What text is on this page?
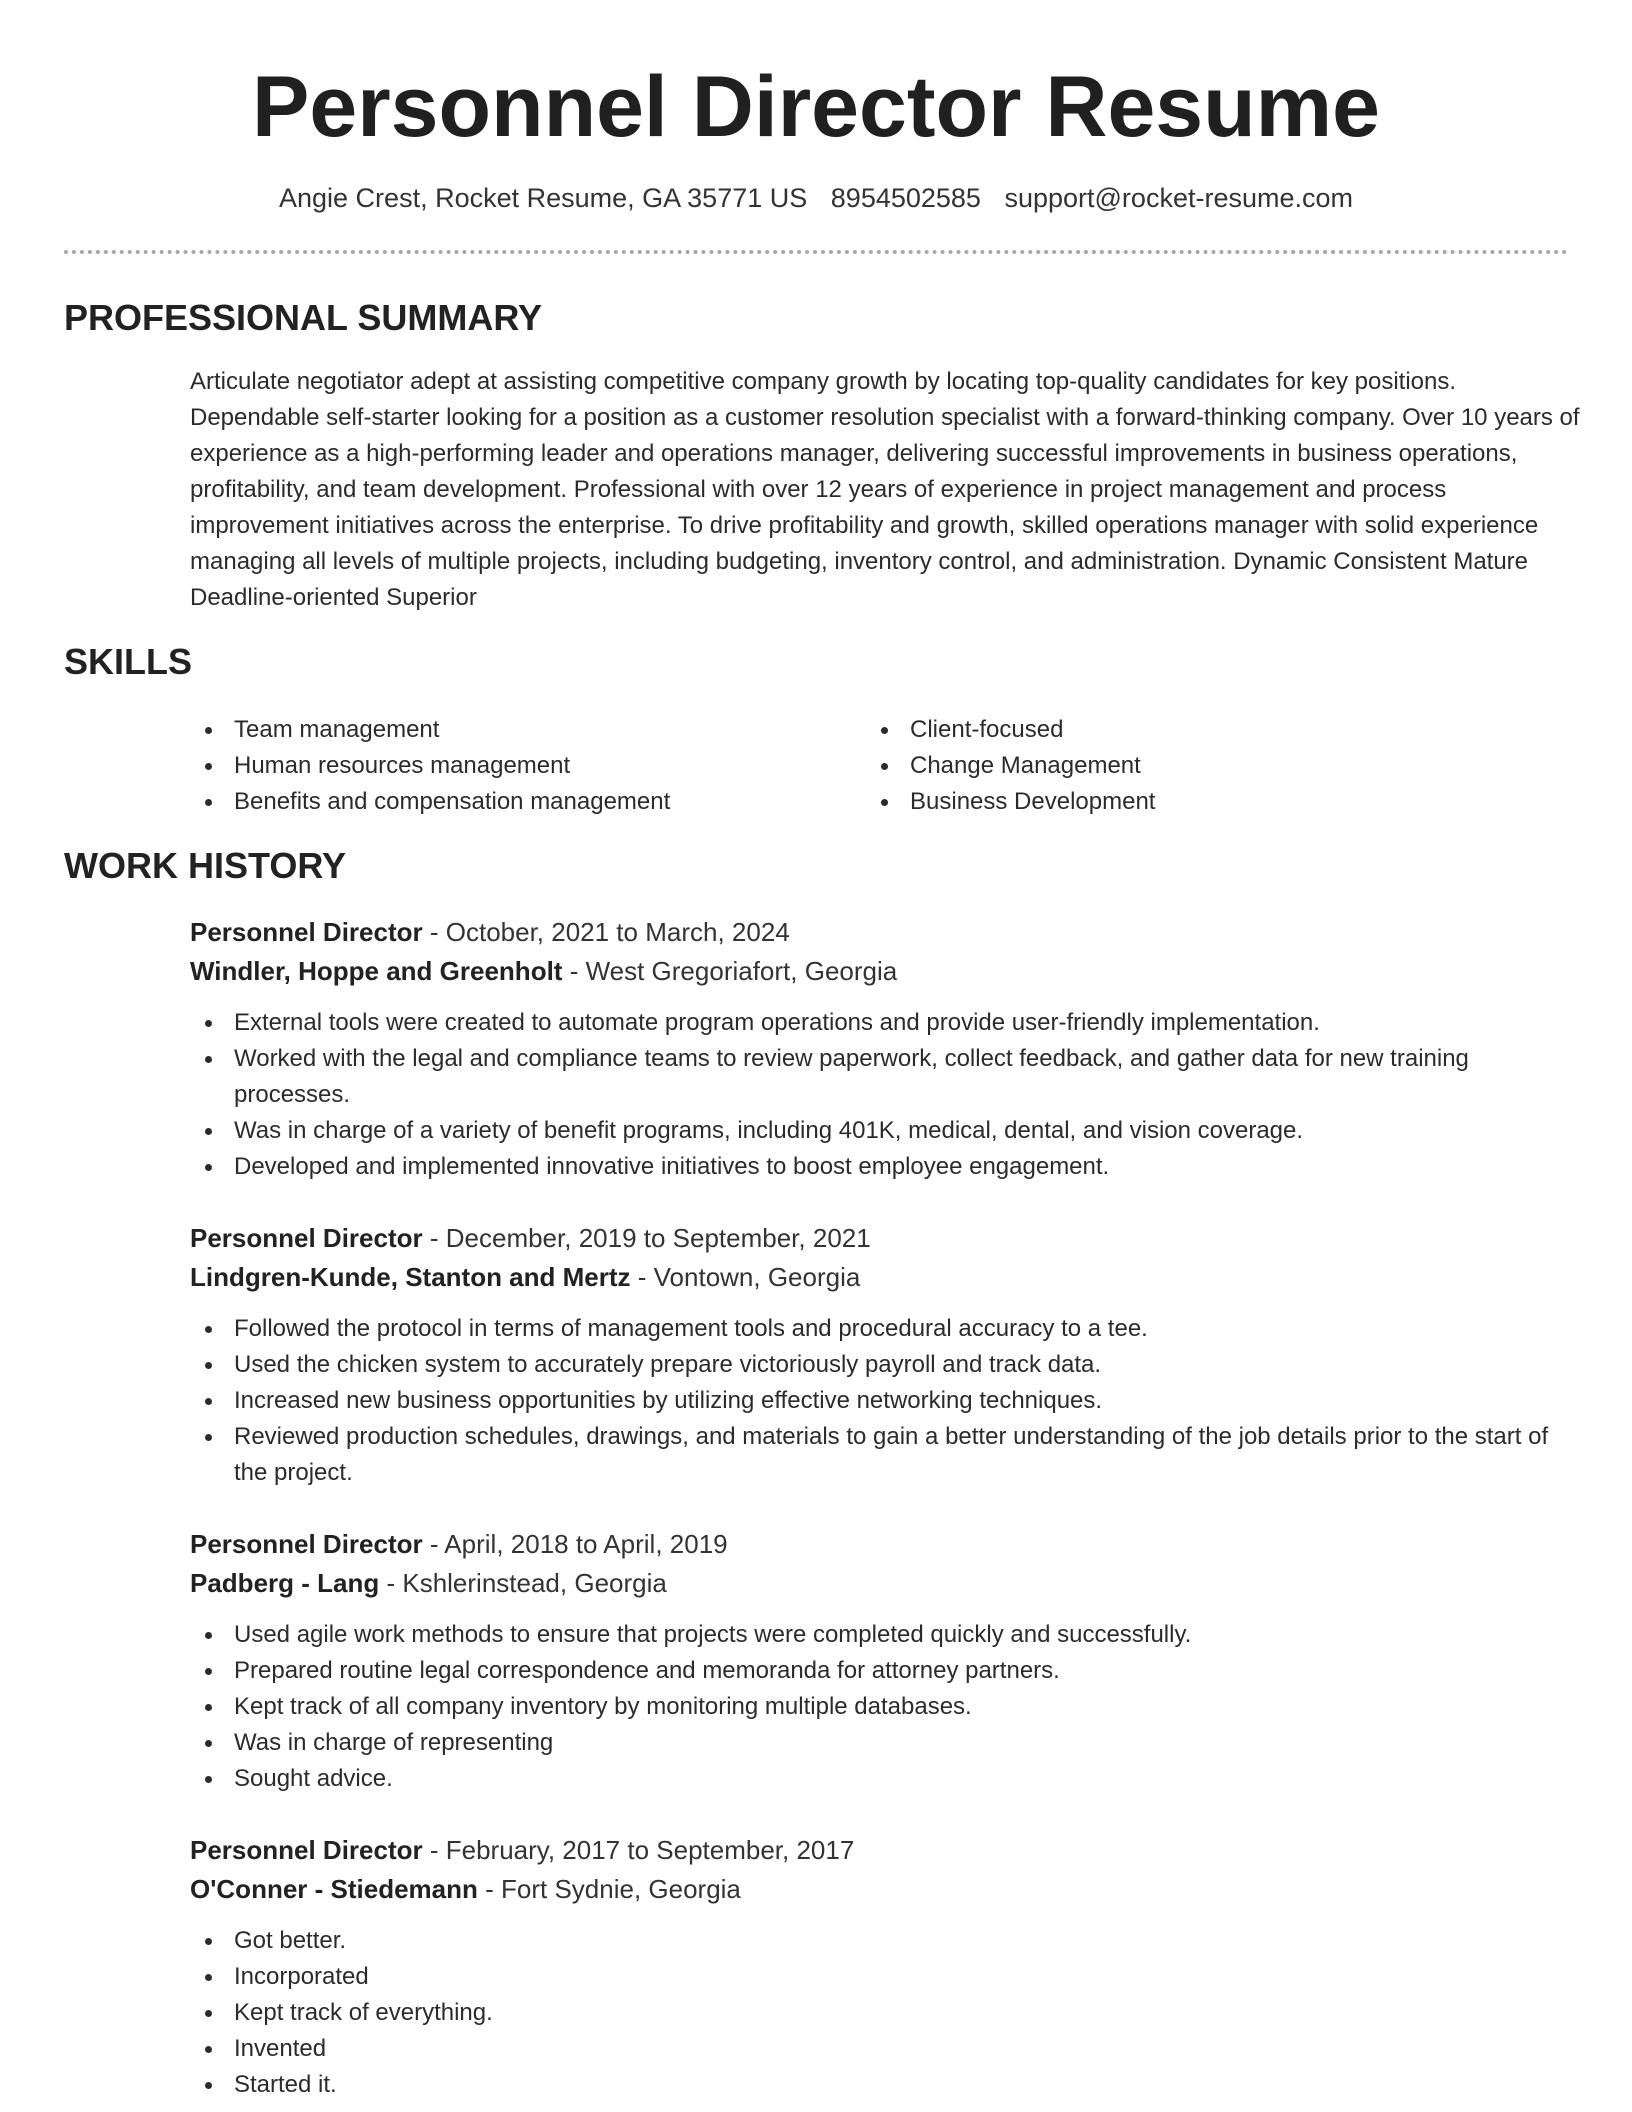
Personnel Director Resume
Angie Crest, Rocket Resume, GA 35771 US 8954502585 support@rocket-resume.com
PROFESSIONAL SUMMARY

Articulate negotiator adept at assisting competitive company growth by locating top-quality candidates for key positions. Dependable self-starter looking for a position as a customer resolution specialist with a forward-thinking company. Over 10 years of experience as a high-performing leader and operations manager, delivering successful improvements in business operations, profitability, and team development. Professional with over 12 years of experience in project management and process improvement initiatives across the enterprise. To drive profitability and growth, skilled operations manager with solid experience managing all levels of multiple projects, including budgeting, inventory control, and administration. Dynamic Consistent Mature Deadline-oriented Superior

SKILLS
Team management
Human resources management
Benefits and compensation management
Client-focused
Change Management
Business Development
WORK HISTORY
Personnel Director - October, 2021 to March, 2024
Windler, Hoppe and Greenholt - West Gregoriafort, Georgia
External tools were created to automate program operations and provide user-friendly implementation.
Worked with the legal and compliance teams to review paperwork, collect feedback, and gather data for new training processes.
Was in charge of a variety of benefit programs, including 401K, medical, dental, and vision coverage.
Developed and implemented innovative initiatives to boost employee engagement.
Personnel Director - December, 2019 to September, 2021
Lindgren-Kunde, Stanton and Mertz - Vontown, Georgia
Followed the protocol in terms of management tools and procedural accuracy to a tee.
Used the chicken system to accurately prepare victoriously payroll and track data.
Increased new business opportunities by utilizing effective networking techniques.
Reviewed production schedules, drawings, and materials to gain a better understanding of the job details prior to the start of the project.
Personnel Director - April, 2018 to April, 2019
Padberg - Lang - Kshlerinstead, Georgia
Used agile work methods to ensure that projects were completed quickly and successfully.
Prepared routine legal correspondence and memoranda for attorney partners.
Kept track of all company inventory by monitoring multiple databases.
Was in charge of representing
Sought advice.
Personnel Director - February, 2017 to September, 2017
O'Conner - Stiedemann - Fort Sydnie, Georgia
Got better.
Incorporated
Kept track of everything.
Invented
Started it.
